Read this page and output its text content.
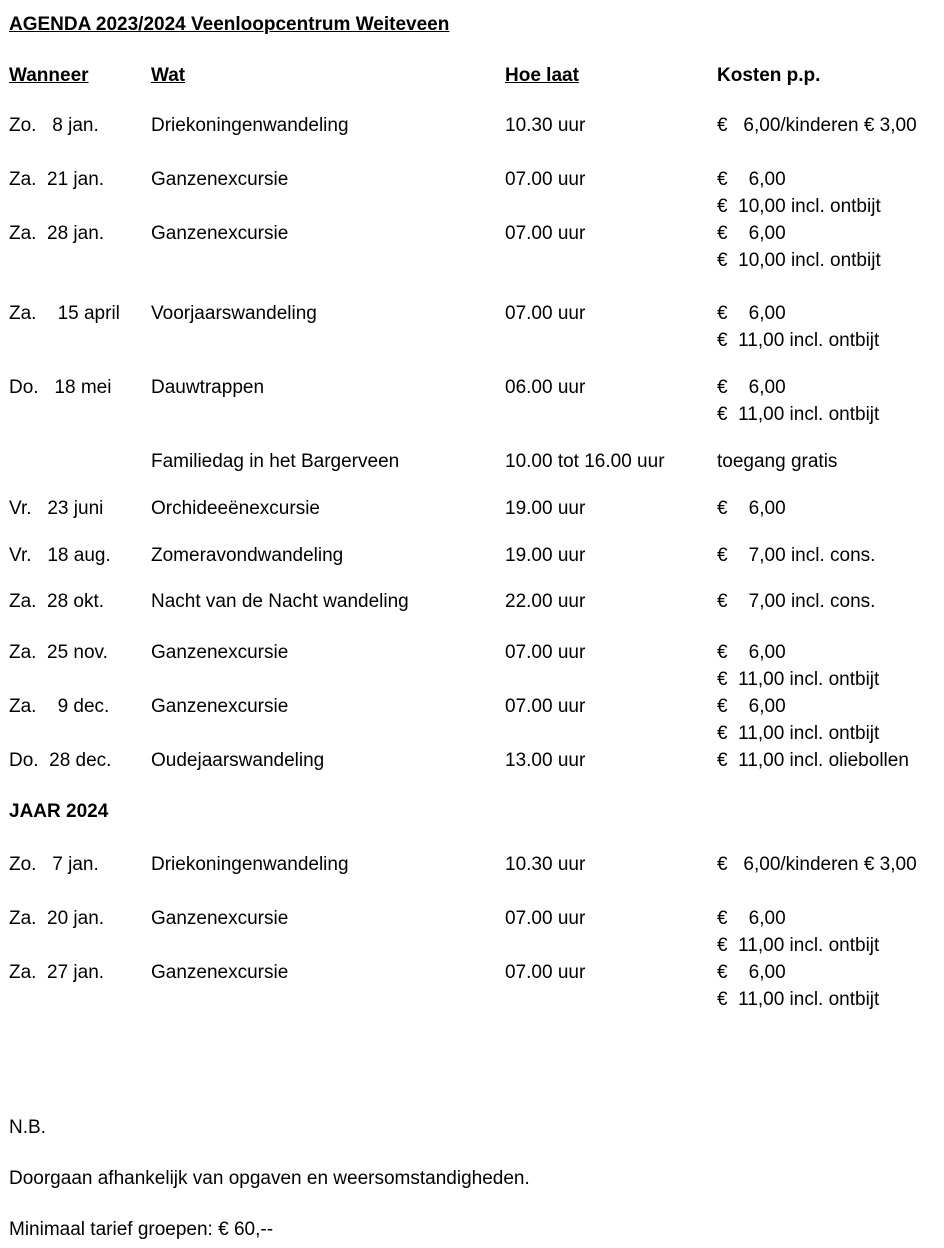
AGENDA 2023/2024 Veenloopcentrum Weiteveen
Wanneer	Wat	Hoe laat	Kosten p.p.
Zo.   8 jan.	Driekoningenwandeling	10.30 uur	€   6,00/kinderen € 3,00
Za.  21 jan. Ganzenexcursie	07.00 uur	€    6,00
€  10,00 incl. ontbijt
Za.  28 jan. Ganzenexcursie	07.00 uur	€    6,00
€  10,00 incl. ontbijt
Za.    15 april Voorjaarswandeling	07.00 uur	€    6,00
€  11,00 incl. ontbijt
Do.   18 mei Dauwtrappen	06.00 uur	€    6,00
€  11,00 incl. ontbijt
Familiedag in het Bargerveen	10.00 tot 16.00 uur	toegang gratis
Vr.   23 juni	Orchideeënexcursie	19.00 uur	€    6,00
Vr.   18 aug. Zomeravondwandeling	19.00 uur	€    7,00 incl. cons.
Za.  28 okt. Nacht van de Nacht wandeling	22.00 uur	€    7,00 incl. cons.
Za.  25 nov. Ganzenexcursie	07.00 uur	€    6,00
€  11,00 incl. ontbijt
Za.    9 dec. Ganzenexcursie	07.00 uur	€    6,00
€  11,00 incl. ontbijt
Do.  28 dec. Oudejaarswandeling	13.00 uur	€  11,00 incl. oliebollen
JAAR 2024
Zo.   7 jan.	Driekoningenwandeling	10.30 uur	€   6,00/kinderen € 3,00
Za.  20 jan. Ganzenexcursie	07.00 uur	€    6,00
€  11,00 incl. ontbijt
Za.  27 jan. Ganzenexcursie	07.00 uur	€    6,00
€  11,00 incl. ontbijt
N.B.
Doorgaan afhankelijk van opgaven en weersomstandigheden.
Minimaal tarief groepen: € 60,--
